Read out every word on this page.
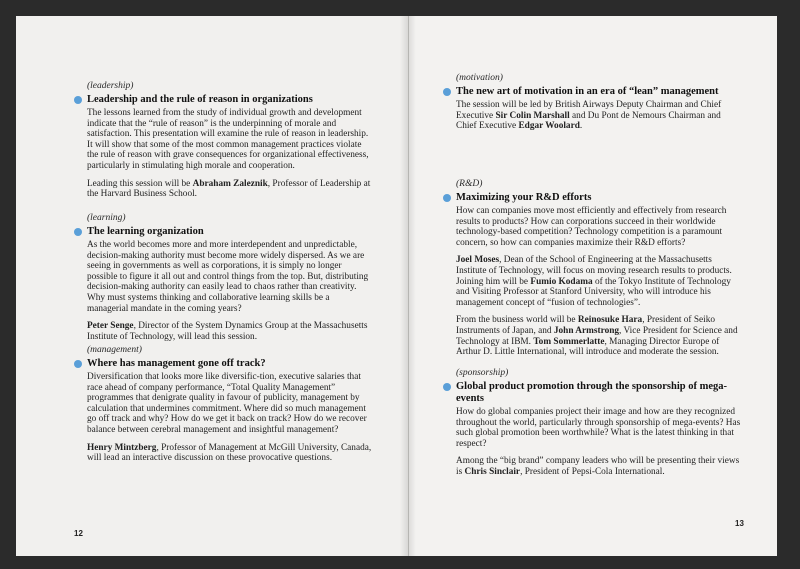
(leadership)
Leadership and the rule of reason in organizations
The lessons learned from the study of individual growth and development indicate that the “rule of reason” is the underpinning of morale and satisfaction. This presentation will examine the rule of reason in leadership. It will show that some of the most common management practices violate the rule of reason with grave consequences for organizational effectiveness, particularly in stimulating high morale and cooperation.
Leading this session will be Abraham Zaleznik, Professor of Leadership at the Harvard Business School.
(learning)
The learning organization
As the world becomes more and more interdependent and unpredictable, decision-making authority must become more widely dispersed. As we are seeing in governments as well as corporations, it is simply no longer possible to figure it all out and control things from the top. But, distributing decision-making authority can easily lead to chaos rather than creativity. Why must systems thinking and collaborative learning skills be a managerial mandate in the coming years?
Peter Senge, Director of the System Dynamics Group at the Massachusetts Institute of Technology, will lead this session.
(management)
Where has management gone off track?
Diversification that looks more like diversific-tion, executive salaries that race ahead of company performance, “Total Quality Management” programmes that denigrate quality in favour of publicity, management by calculation that undermines commitment. Where did so much management go off track and why? How do we get it back on track? How do we recover balance between cerebral management and insightful management?
Henry Mintzberg, Professor of Management at McGill University, Canada, will lead an interactive discussion on these provocative questions.
12
(motivation)
The new art of motivation in an era of “lean” management
The session will be led by British Airways Deputy Chairman and Chief Executive Sir Colin Marshall and Du Pont de Nemours Chairman and Chief Executive Edgar Woolard.
(R&D)
Maximizing your R&D efforts
How can companies move most efficiently and effectively from research results to products? How can corporations succeed in their worldwide technology-based competition? Technology competition is a paramount concern, so how can companies maximize their R&D efforts?
Joel Moses, Dean of the School of Engineering at the Massachusetts Institute of Technology, will focus on moving research results to products. Joining him will be Fumio Kodama of the Tokyo Institute of Technology and Visiting Professor at Stanford University, who will introduce his management concept of “fusion of technologies”.
From the business world will be Reinosuke Hara, President of Seiko Instruments of Japan, and John Armstrong, Vice President for Science and Technology at IBM. Tom Sommerlatte, Managing Director Europe of Arthur D. Little International, will introduce and moderate the session.
(sponsorship)
Global product promotion through the sponsorship of mega-events
How do global companies project their image and how are they recognized throughout the world, particularly through sponsorship of mega-events? Has such global promotion been worthwhile? What is the latest thinking in that respect?
Among the “big brand” company leaders who will be presenting their views is Chris Sinclair, President of Pepsi-Cola International.
13
